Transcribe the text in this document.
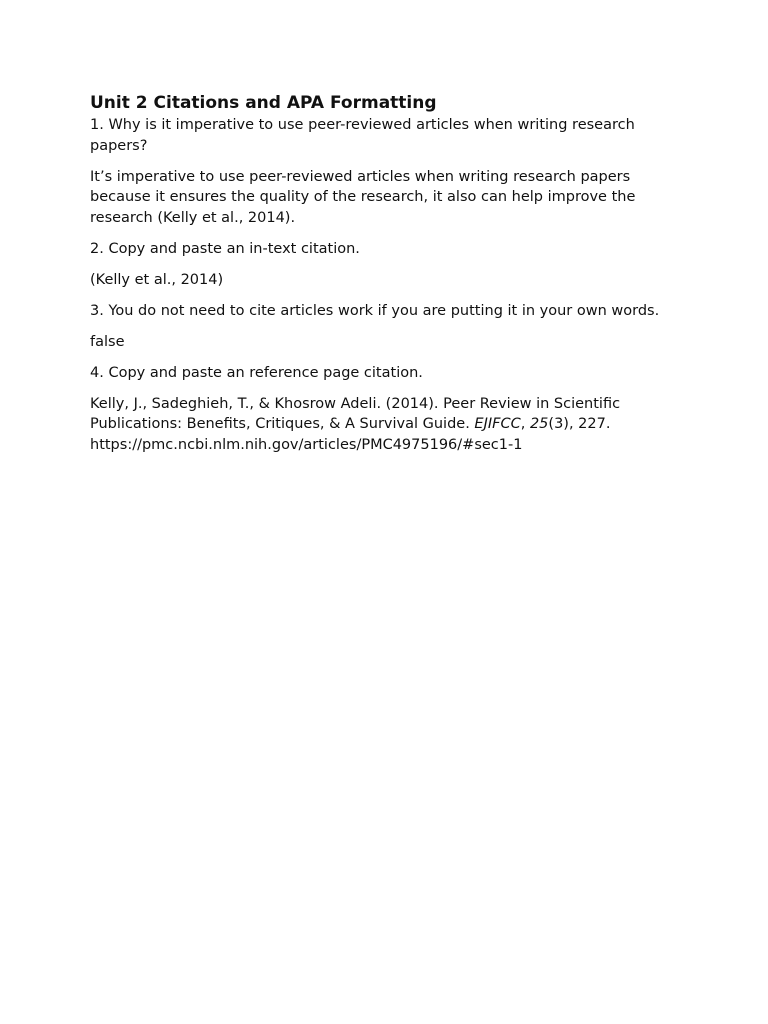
Unit 2 Citations and APA Formatting

1. Why is it imperative to use peer-reviewed articles when writing research papers?

It’s imperative to use peer-reviewed articles when writing research papers because it ensures the quality of the research, it also can help improve the research (Kelly et al., 2014).

2. Copy and paste an in-text citation.

(Kelly et al., 2014)

3. You do not need to cite articles work if you are putting it in your own words.

false

4. Copy and paste an reference page citation.

Kelly, J., Sadeghieh, T., & Khosrow Adeli. (2014). Peer Review in Scientific Publications: Benefits, Critiques, & A Survival Guide. EJIFCC, 25(3), 227.
https://pmc.ncbi.nlm.nih.gov/articles/PMC4975196/#sec1-1
